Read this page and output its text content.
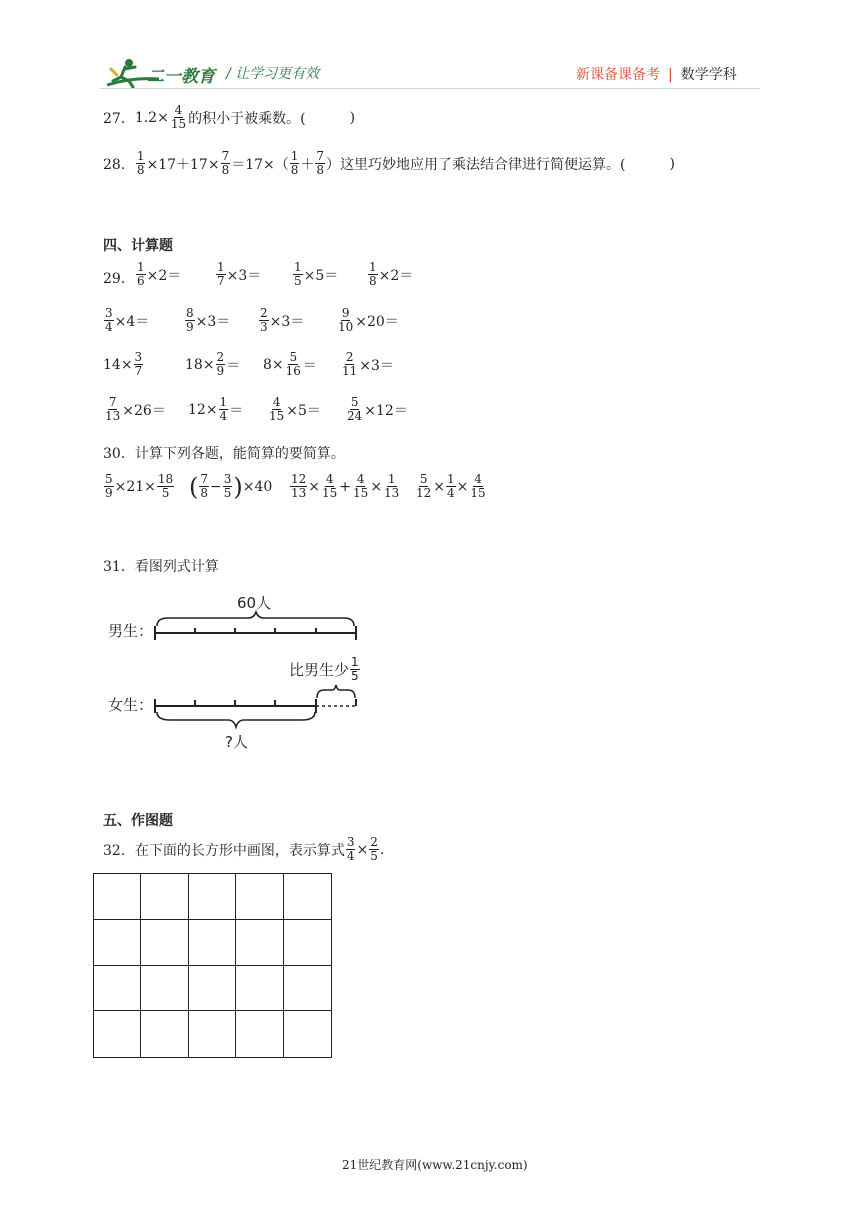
二一教育 / 让学习更有效	新课备课备考 | 数学学科
27． $1.2\times \frac{4}{15}$ 的积小于被乘数。(	)
28． $\frac{1}{8} \times 17+17\times \frac{7}{8} =17\times( \frac{1}{8} + \frac{7}{8}$ ）这里巧妙地应用了乘法结合律进行简便运算。(	)
四、计算题
29． $\frac{1}{6} \times 2=$	$\frac{1}{7} \times 3=$	$\frac{1}{5} \times 5= \frac{1}{8} \times 2=$
$\frac{3}{4} \times 4=$	$\frac{8}{9} \times 3= \frac{2}{3} \times 3=$	$\frac{9}{10} \times 20=$
$14\times \frac{3}{7}$	$18\times \frac{2}{9} = 8\times \frac{5}{16} = \frac{2}{11} \times 3=$
$\frac{7}{13} \times 26= 12\times \frac{1}{4} = \frac{4}{15} \times 5= \frac{5}{24} \times 12=$
30． 计算下列各题，能简算的要简算。
$\frac{5}{9} \times 21\times \frac{18}{5}$ ( $\frac{7}{8} - \frac{3}{5}$ ) $\times 40 \frac{12}{13} \times \frac{4}{15} + \frac{4}{15} \times \frac{1}{13} \frac{5}{12} \times \frac{1}{4} \times \frac{4}{15}$
31． 看图列式计算
60人
男生：
比男生少 $\frac{1}{5}$
女生：
?人
五、作图题
32． 在下面的长方形中画图，表示算式 $\frac{3}{4} \times \frac{2}{5}$ .
21世纪教育网(www.21cnjy.com)
